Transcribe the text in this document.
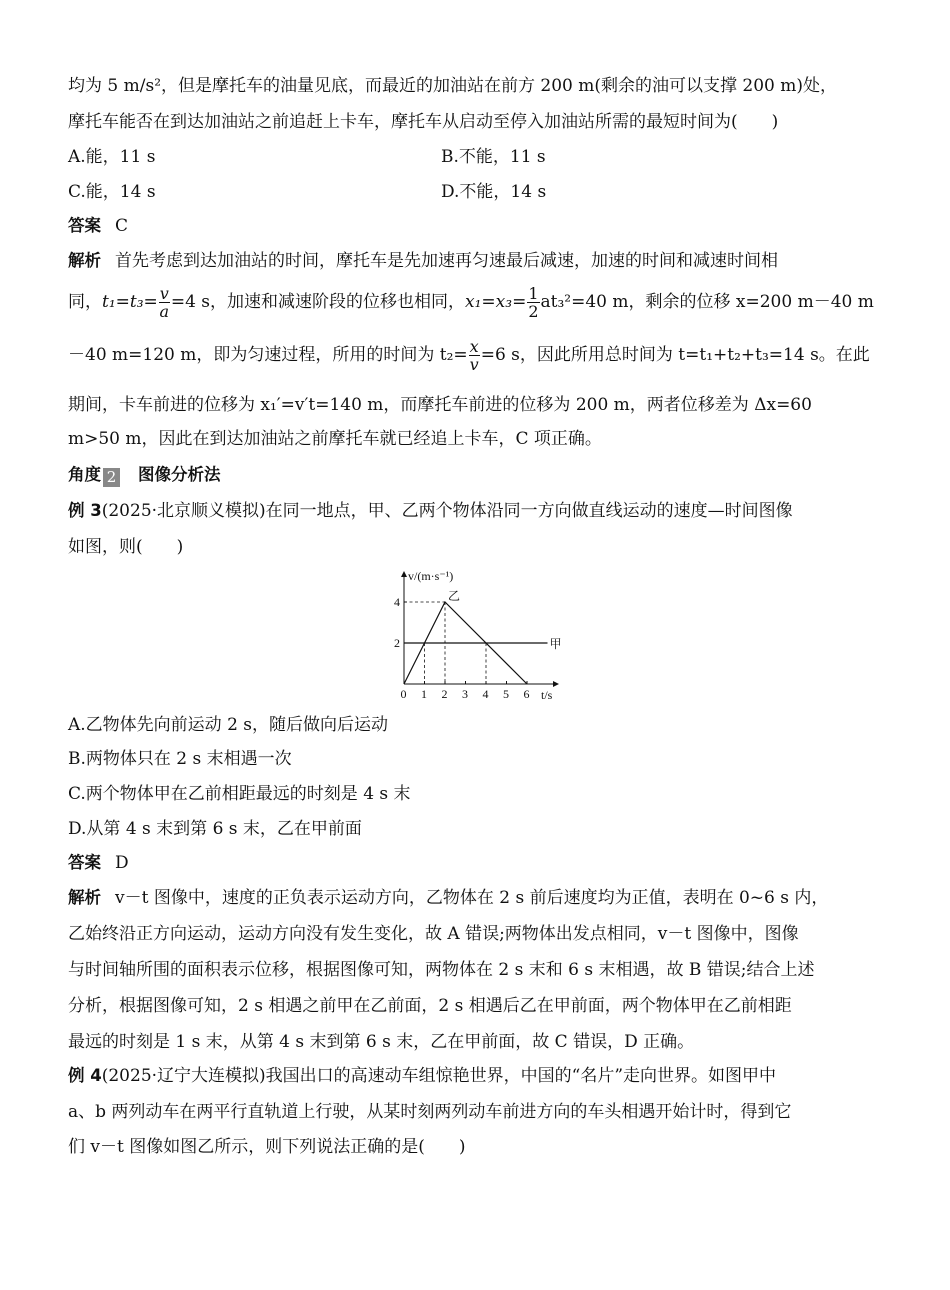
均为 5 m/s²，但是摩托车的油量见底，而最近的加油站在前方 200 m(剩余的油可以支撑 200 m)处，
摩托车能否在到达加油站之前追赶上卡车，摩托车从启动至停入加油站所需的最短时间为(　　)
A.能，11 s	B.不能，11 s
C.能，14 s	D.不能，14 s
答案 C
解析 首先考虑到达加油站的时间，摩托车是先加速再匀速最后减速，加速的时间和减速时间相
同，$t_1=t_3= \frac{v}{a} =4$ s，加速和减速阶段的位移也相同，$x_1=x_3= \frac{1}{2} at_3^2=40$ m，剩余的位移 x=200 m－40 m
－40 m=120 m，即为匀速过程，所用的时间为 $t_2= \frac{x}{v} =6$ s，因此所用总时间为 t=t₁+t₂+t₃=14 s。在此
期间，卡车前进的位移为 x₁′=v′t=140 m，而摩托车前进的位移为 200 m，两者位移差为 Δx=60
m>50 m，因此在到达加油站之前摩托车就已经追上卡车，C 项正确。
角度 2 图像分析法
例 3(2025·北京顺义模拟)在同一地点，甲、乙两个物体沿同一方向做直线运动的速度—时间图像
如图，则(　　)
v/(m·s⁻¹)
t/s
0 1 2 3 4 5 6
2
4
甲
乙
A.乙物体先向前运动 2 s，随后做向后运动
B.两物体只在 2 s 末相遇一次
C.两个物体甲在乙前相距最远的时刻是 4 s 末
D.从第 4 s 末到第 6 s 末，乙在甲前面
答案 D
解析 v－t 图像中，速度的正负表示运动方向，乙物体在 2 s 前后速度均为正值，表明在 0~6 s 内，
乙始终沿正方向运动，运动方向没有发生变化，故 A 错误;两物体出发点相同，v－t 图像中，图像
与时间轴所围的面积表示位移，根据图像可知，两物体在 2 s 末和 6 s 末相遇，故 B 错误;结合上述
分析，根据图像可知，2 s 相遇之前甲在乙前面，2 s 相遇后乙在甲前面，两个物体甲在乙前相距
最远的时刻是 1 s 末，从第 4 s 末到第 6 s 末，乙在甲前面，故 C 错误，D 正确。
例 4(2025·辽宁大连模拟)我国出口的高速动车组惊艳世界，中国的“名片”走向世界。如图甲中
a、b 两列动车在两平行直轨道上行驶，从某时刻两列动车前进方向的车头相遇开始计时，得到它
们 v－t 图像如图乙所示，则下列说法正确的是(　　)
